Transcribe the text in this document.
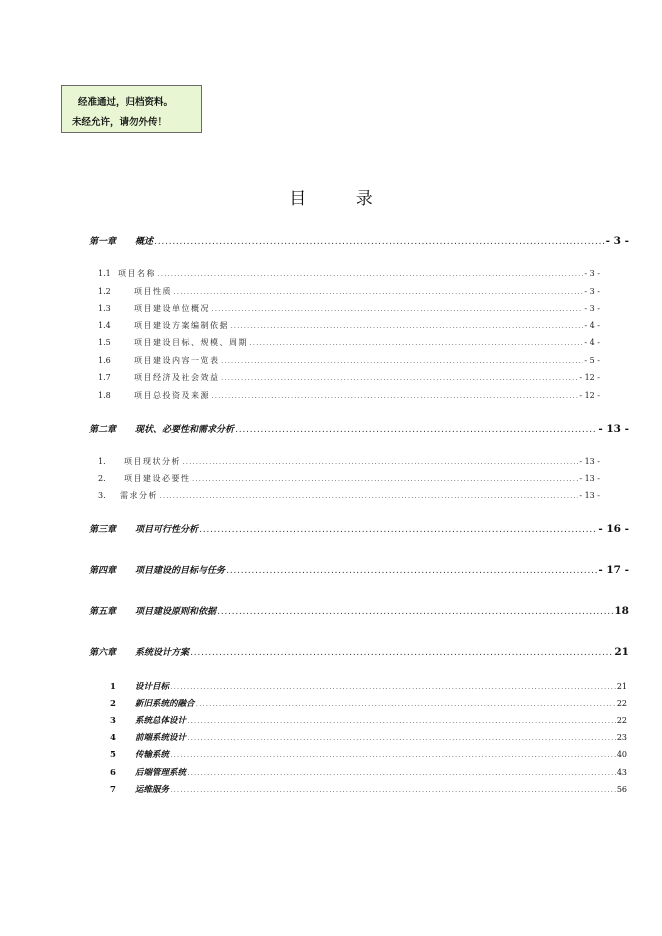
经准通过，归档资料。
未经允许，请勿外传！
目 录
第一章	概述 .....	- 3 -
1.1 项目名称 .....	- 3 -
1.2	项目性质 .....	- 3 -
1.3	项目建设单位概况 .....	- 3 -
1.4	项目建设方案编制依据 .....	- 4 -
1.5	项目建设目标、规模、周期 .....	- 4 -
1.6	项目建设内容一览表 .....	- 5 -
1.7	项目经济及社会效益 .....	- 12 -
1.8	项目总投资及来源 .....	- 12 -
第二章	现状、必要性和需求分析 .....	- 13 -
1.	项目现状分析 .....	- 13 -
2.	项目建设必要性 .....	- 13 -
3.	需求分析 .....	- 13 -
第三章	项目可行性分析 .....	- 16 -
第四章	项目建设的目标与任务 .....	- 17 -
第五章	项目建设原则和依据 .....	18
第六章	系统设计方案 .....	21
1	设计目标 .....	21
2	新旧系统的融合 .....	22
3	系统总体设计 .....	22
4	前端系统设计 .....	23
5	传输系统 .....	40
6	后端管理系统 .....	43
7	运维服务 .....	56
